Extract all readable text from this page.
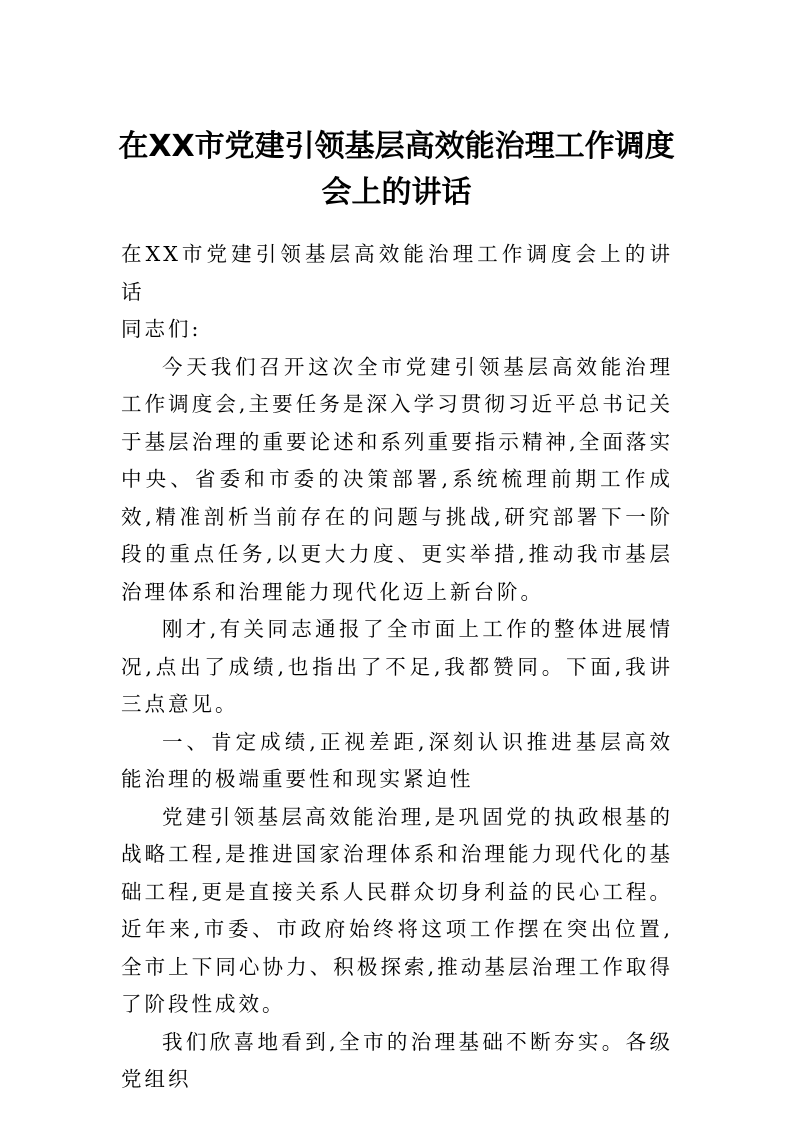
在XX市党建引领基层高效能治理工作调度
会上的讲话

在XX市党建引领基层高效能治理工作调度会上的讲话

同志们:

今天我们召开这次全市党建引领基层高效能治理工作调度会,主要任务是深入学习贯彻习近平总书记关于基层治理的重要论述和系列重要指示精神,全面落实中央、省委和市委的决策部署,系统梳理前期工作成效,精准剖析当前存在的问题与挑战,研究部署下一阶段的重点任务,以更大力度、更实举措,推动我市基层治理体系和治理能力现代化迈上新台阶。

刚才,有关同志通报了全市面上工作的整体进展情况,点出了成绩,也指出了不足,我都赞同。下面,我讲三点意见。

一、肯定成绩,正视差距,深刻认识推进基层高效能治理的极端重要性和现实紧迫性

党建引领基层高效能治理,是巩固党的执政根基的战略工程,是推进国家治理体系和治理能力现代化的基础工程,更是直接关系人民群众切身利益的民心工程。近年来,市委、市政府始终将这项工作摆在突出位置,全市上下同心协力、积极探索,推动基层治理工作取得了阶段性成效。

我们欣喜地看到,全市的治理基础不断夯实。各级党组织
